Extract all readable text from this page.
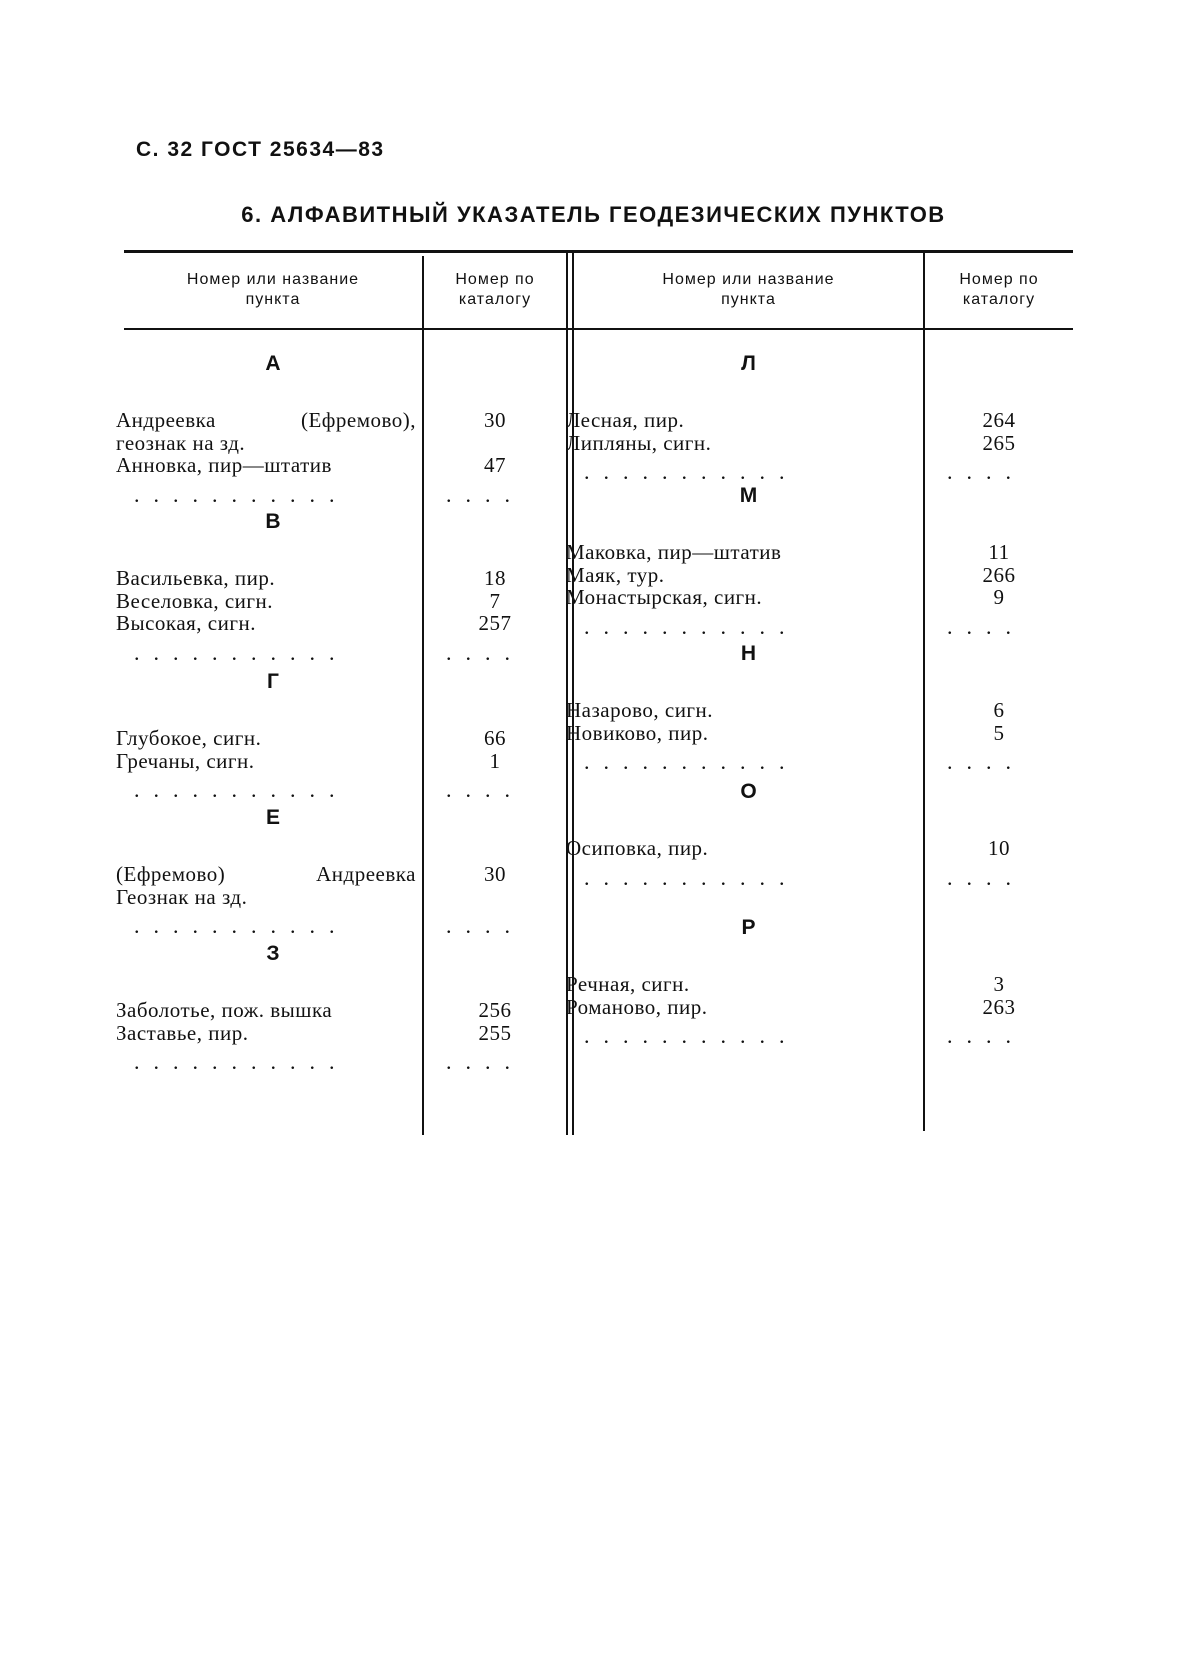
С. 32 ГОСТ 25634—83
6. АЛФАВИТНЫЙ УКАЗАТЕЛЬ ГЕОДЕЗИЧЕСКИХ ПУНКТОВ
Номер или название
пункта
Номер по
каталогу
Номер или название
пункта
Номер по
каталогу
А
Андреевка (Ефремово),	30
геознак на зд.
Анновка, пир—штатив	47
...........	....
В
Васильевка, пир.	18
Веселовка, сигн.	7
Высокая, сигн.	257
...........	....
Г
Глубокое, сигн.	66
Гречаны, сигн.	1
...........	....
Е
(Ефремово) Андреевка	30
Геознак на зд.
...........	....
З
Заболотье, пож. вышка	256
Заставье, пир.	255
...........	....
Л
Лесная, пир.	264
Липляны, сигн.	265
...........	....
М
Маковка, пир—штатив	11
Маяк, тур.	266
Монастырская, сигн.	9
...........	....
Н
Назарово, сигн.	6
Новиково, пир.	5
...........	....
О
Осиповка, пир.	10
...........	....
Р
Речная, сигн.	3
Романово, пир.	263
...........	....
